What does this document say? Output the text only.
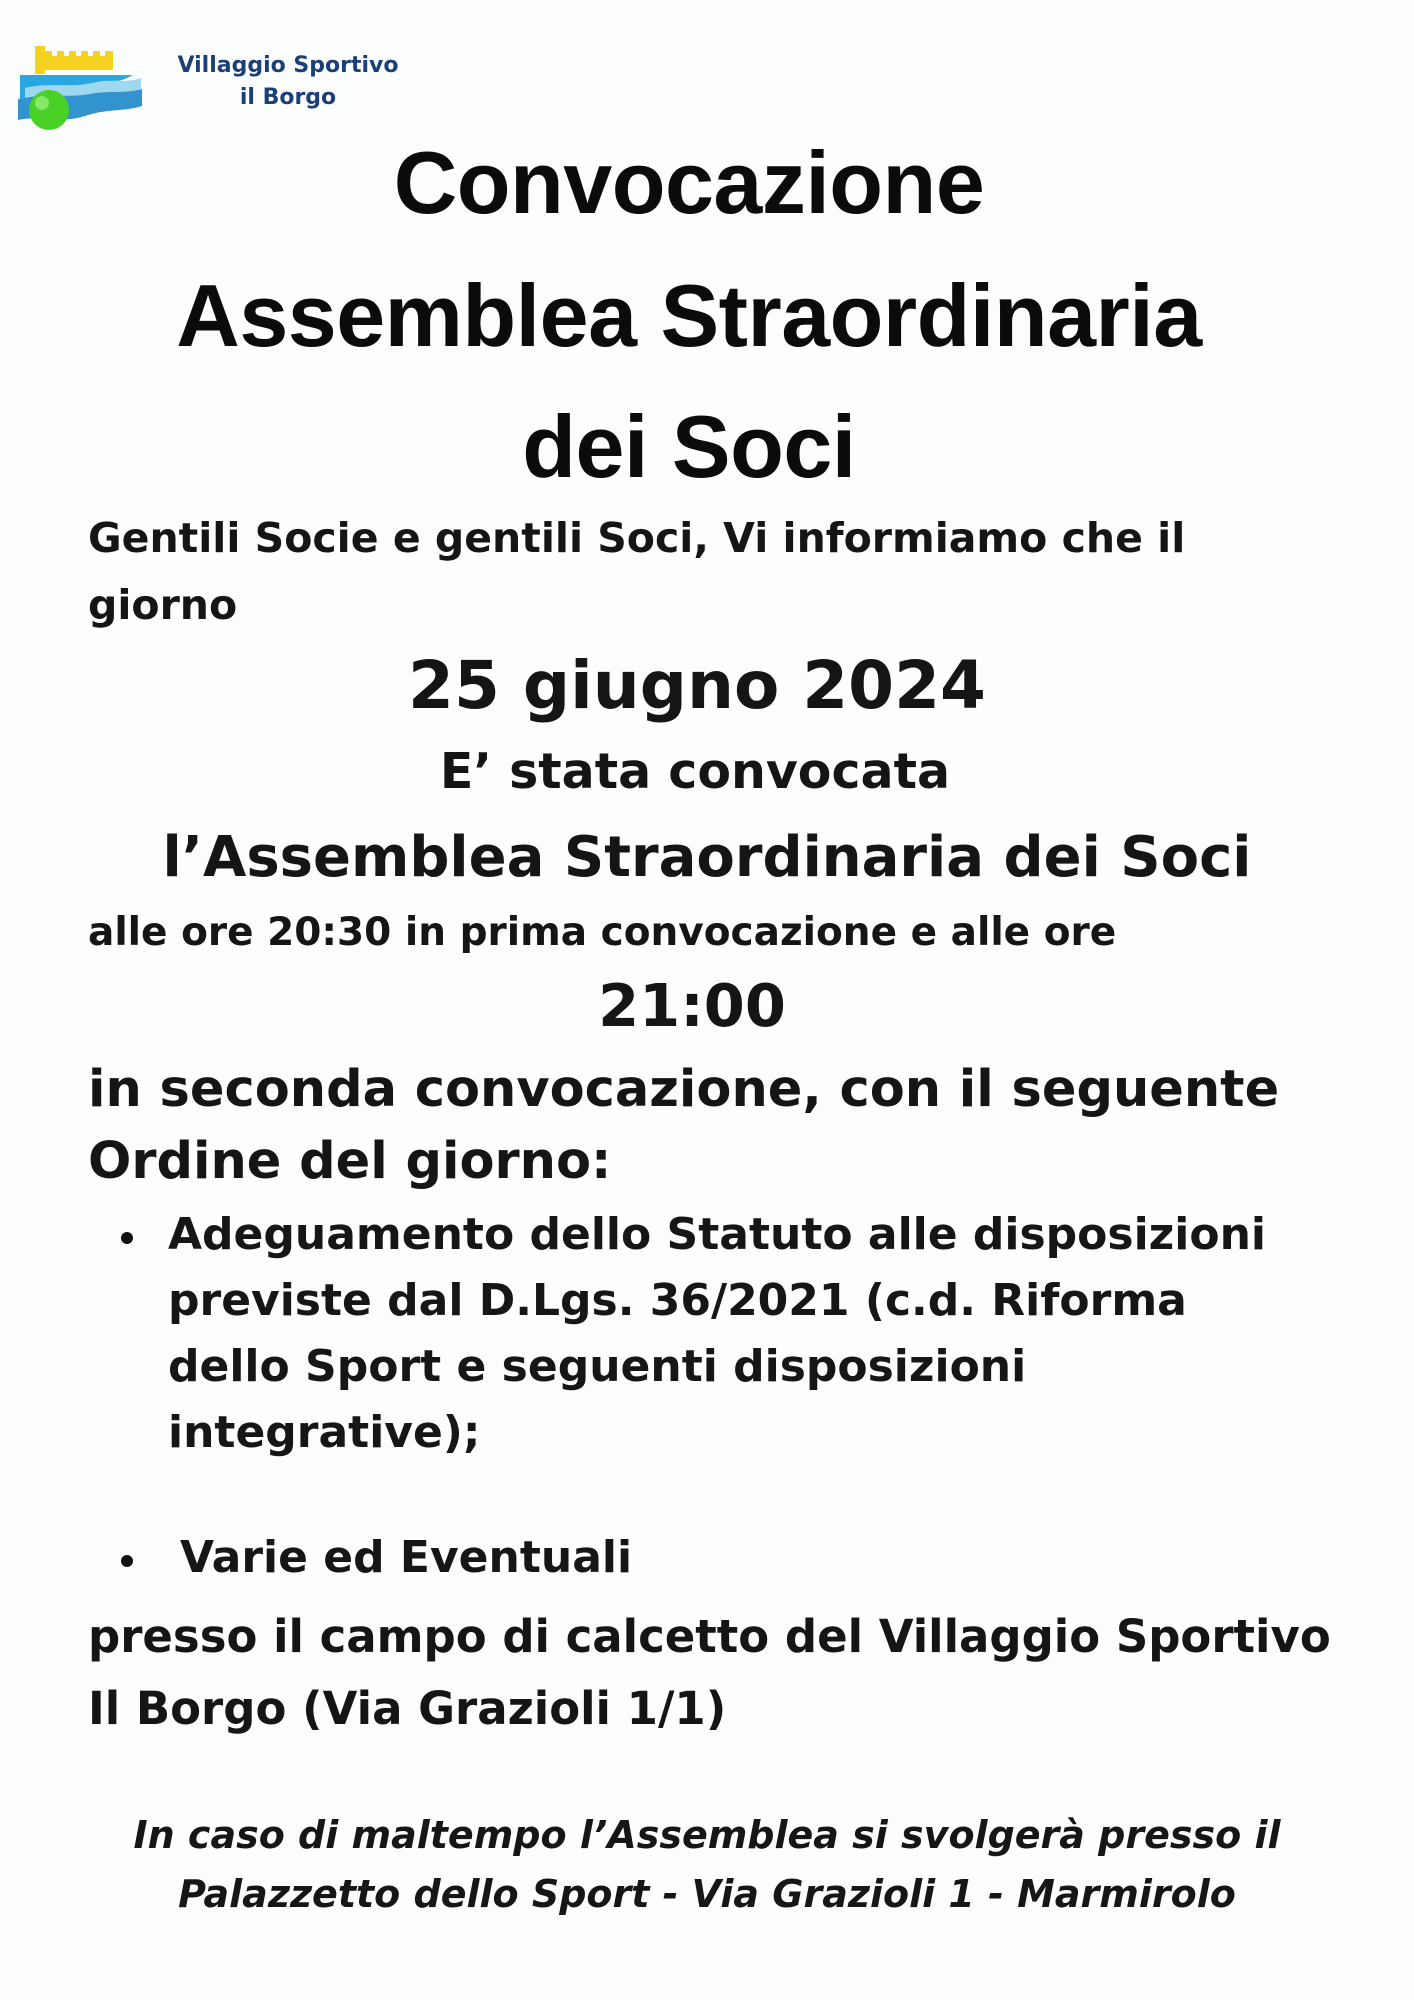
Villaggio Sportivo
il Borgo
Convocazione
Assemblea Straordinaria
dei Soci
Gentili Socie e gentili Soci, Vi informiamo che il giorno
25 giugno 2024
E’ stata convocata
l’Assemblea Straordinaria dei Soci
alle ore 20:30 in prima convocazione e alle ore
21:00
in seconda convocazione, con il seguente Ordine del giorno:
Adeguamento dello Statuto alle disposizioni previste dal D.Lgs. 36/2021 (c.d. Riforma dello Sport e seguenti disposizioni integrative);
Varie ed Eventuali
presso il campo di calcetto del Villaggio Sportivo Il Borgo (Via Grazioli 1/1)
In caso di maltempo l’Assemblea si svolgerà presso il
Palazzetto dello Sport - Via Grazioli 1 - Marmirolo
